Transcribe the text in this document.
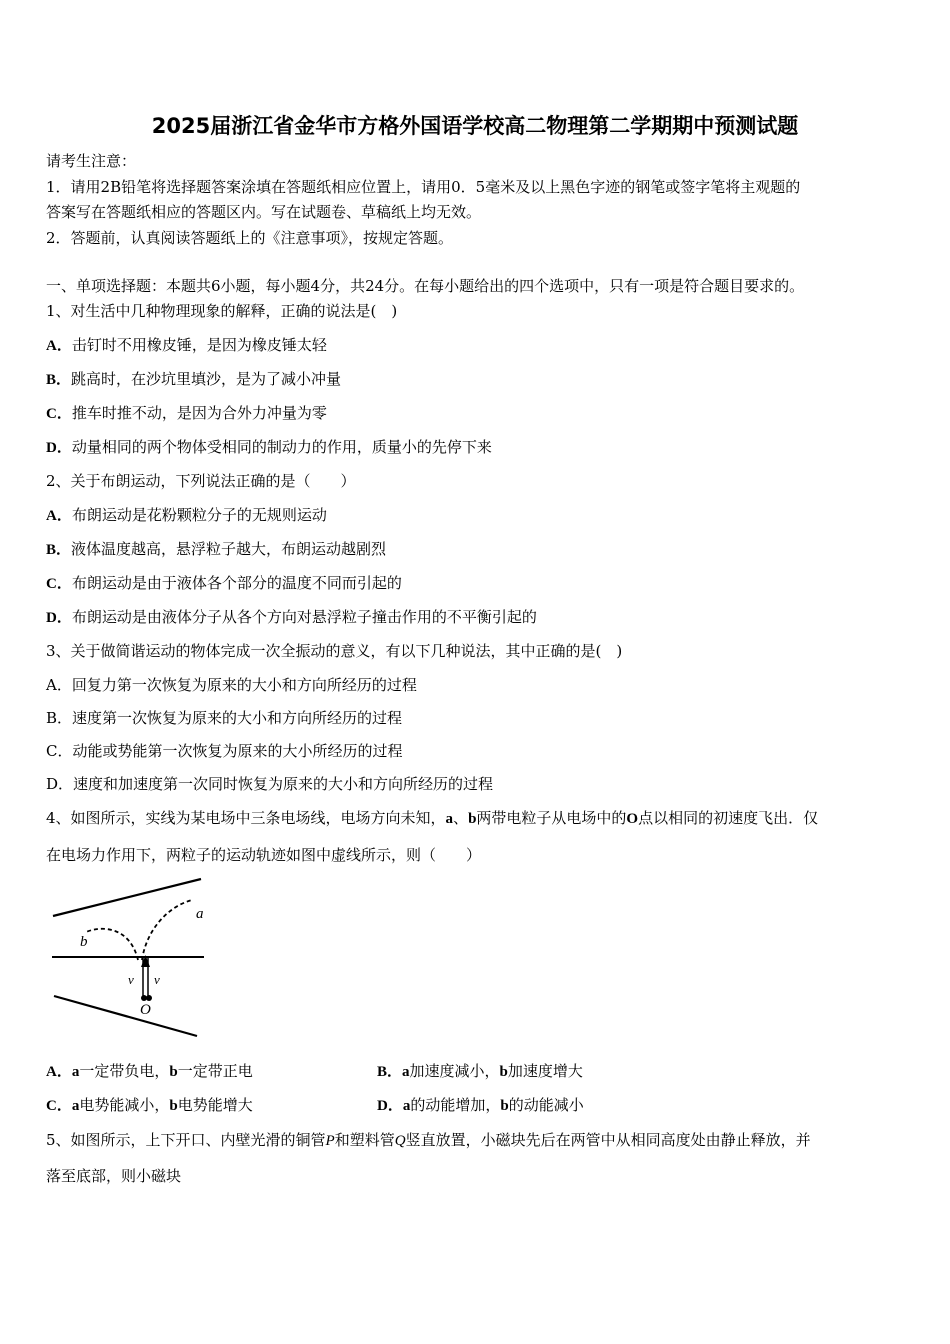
2025届浙江省金华市方格外国语学校高二物理第二学期期中预测试题
请考生注意：
1．请用2B铅笔将选择题答案涂填在答题纸相应位置上，请用0．5毫米及以上黑色字迹的钢笔或签字笔将主观题的
答案写在答题纸相应的答题区内。写在试题卷、草稿纸上均无效。
2．答题前，认真阅读答题纸上的《注意事项》，按规定答题。
一、单项选择题：本题共6小题，每小题4分，共24分。在每小题给出的四个选项中，只有一项是符合题目要求的。
1、对生活中几种物理现象的解释，正确的说法是(　)
A．击钉时不用橡皮锤，是因为橡皮锤太轻
B．跳高时，在沙坑里填沙，是为了减小冲量
C．推车时推不动，是因为合外力冲量为零
D．动量相同的两个物体受相同的制动力的作用，质量小的先停下来
2、关于布朗运动，下列说法正确的是（　　）
A．布朗运动是花粉颗粒分子的无规则运动
B．液体温度越高，悬浮粒子越大，布朗运动越剧烈
C．布朗运动是由于液体各个部分的温度不同而引起的
D．布朗运动是由液体分子从各个方向对悬浮粒子撞击作用的不平衡引起的
3、关于做简谐运动的物体完成一次全振动的意义，有以下几种说法，其中正确的是(　)
A．回复力第一次恢复为原来的大小和方向所经历的过程
B．速度第一次恢复为原来的大小和方向所经历的过程
C．动能或势能第一次恢复为原来的大小所经历的过程
D．速度和加速度第一次同时恢复为原来的大小和方向所经历的过程
4、如图所示，实线为某电场中三条电场线，电场方向未知，a、b两带电粒子从电场中的O点以相同的初速度飞出．仅
在电场力作用下，两粒子的运动轨迹如图中虚线所示，则（　　）
a
b
v v
O
A．a一定带负电，b一定带正电	B．a加速度减小，b加速度增大
C．a电势能减小，b电势能增大	D．a的动能增加，b的动能减小
5、如图所示，上下开口、内壁光滑的铜管P和塑料管Q竖直放置，小磁块先后在两管中从相同高度处由静止释放，并
落至底部，则小磁块
